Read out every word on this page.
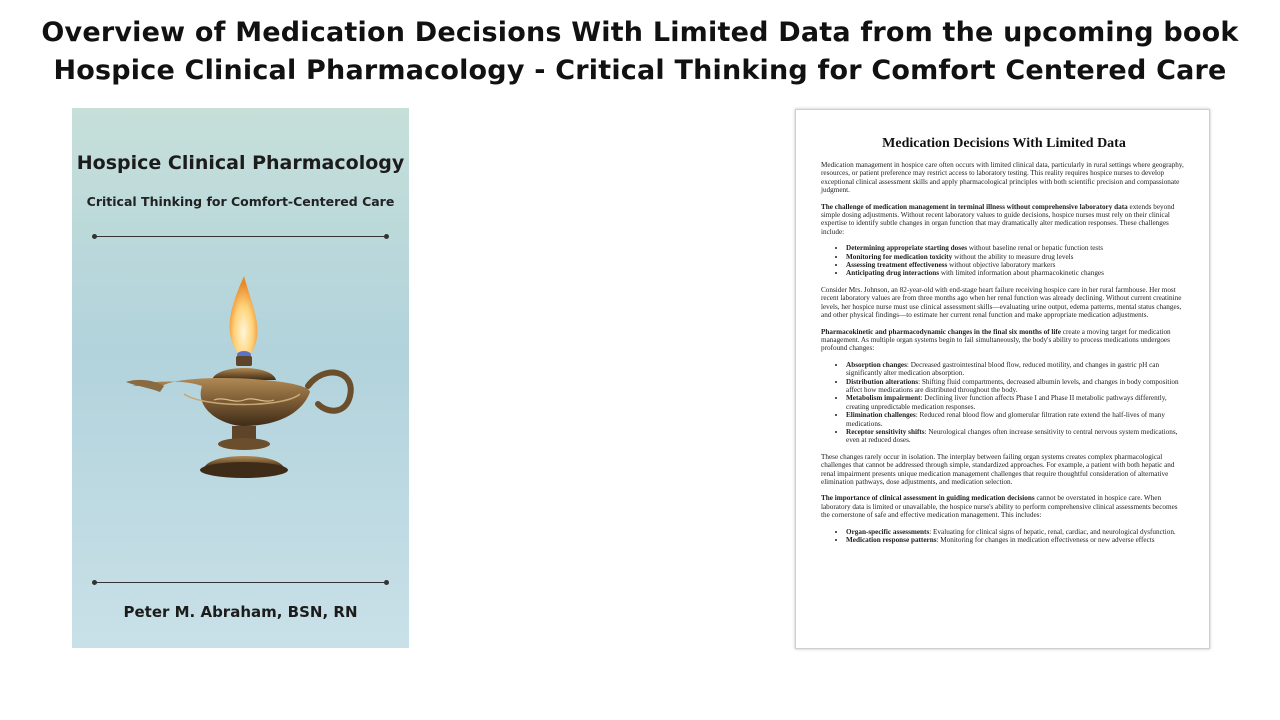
Overview of Medication Decisions With Limited Data from the upcoming book
Hospice Clinical Pharmacology - Critical Thinking for Comfort Centered Care
Hospice Clinical Pharmacology
Critical Thinking for Comfort-Centered Care
Peter M. Abraham, BSN, RN
Medication Decisions With Limited Data

Medication management in hospice care often occurs with limited clinical data, particularly in rural settings where geography, resources, or patient preference may restrict access to laboratory testing. This reality requires hospice nurses to develop exceptional clinical assessment skills and apply pharmacological principles with both scientific precision and compassionate judgment.

The challenge of medication management in terminal illness without comprehensive laboratory data extends beyond simple dosing adjustments. Without recent laboratory values to guide decisions, hospice nurses must rely on their clinical expertise to identify subtle changes in organ function that may dramatically alter medication responses. These challenges include:

• Determining appropriate starting doses without baseline renal or hepatic function tests
• Monitoring for medication toxicity without the ability to measure drug levels
• Assessing treatment effectiveness without objective laboratory markers
• Anticipating drug interactions with limited information about pharmacokinetic changes

Consider Mrs. Johnson, an 82-year-old with end-stage heart failure receiving hospice care in her rural farmhouse. Her most recent laboratory values are from three months ago when her renal function was already declining. Without current creatinine levels, her hospice nurse must use clinical assessment skills—evaluating urine output, edema patterns, mental status changes, and other physical findings—to estimate her current renal function and make appropriate medication adjustments.

Pharmacokinetic and pharmacodynamic changes in the final six months of life create a moving target for medication management. As multiple organ systems begin to fail simultaneously, the body's ability to process medications undergoes profound changes:

• Absorption changes: Decreased gastrointestinal blood flow, reduced motility, and changes in gastric pH can significantly alter medication absorption.
• Distribution alterations: Shifting fluid compartments, decreased albumin levels, and changes in body composition affect how medications are distributed throughout the body.
• Metabolism impairment: Declining liver function affects Phase I and Phase II metabolic pathways differently, creating unpredictable medication responses.
• Elimination challenges: Reduced renal blood flow and glomerular filtration rate extend the half-lives of many medications.
• Receptor sensitivity shifts: Neurological changes often increase sensitivity to central nervous system medications, even at reduced doses.

These changes rarely occur in isolation. The interplay between failing organ systems creates complex pharmacological challenges that cannot be addressed through simple, standardized approaches. For example, a patient with both hepatic and renal impairment presents unique medication management challenges that require thoughtful consideration of alternative elimination pathways, dose adjustments, and medication selection.

The importance of clinical assessment in guiding medication decisions cannot be overstated in hospice care. When laboratory data is limited or unavailable, the hospice nurse's ability to perform comprehensive clinical assessments becomes the cornerstone of safe and effective medication management. This includes:

• Organ-specific assessments: Evaluating for clinical signs of hepatic, renal, cardiac, and neurological dysfunction.
• Medication response patterns: Monitoring for changes in medication effectiveness or new adverse effects
